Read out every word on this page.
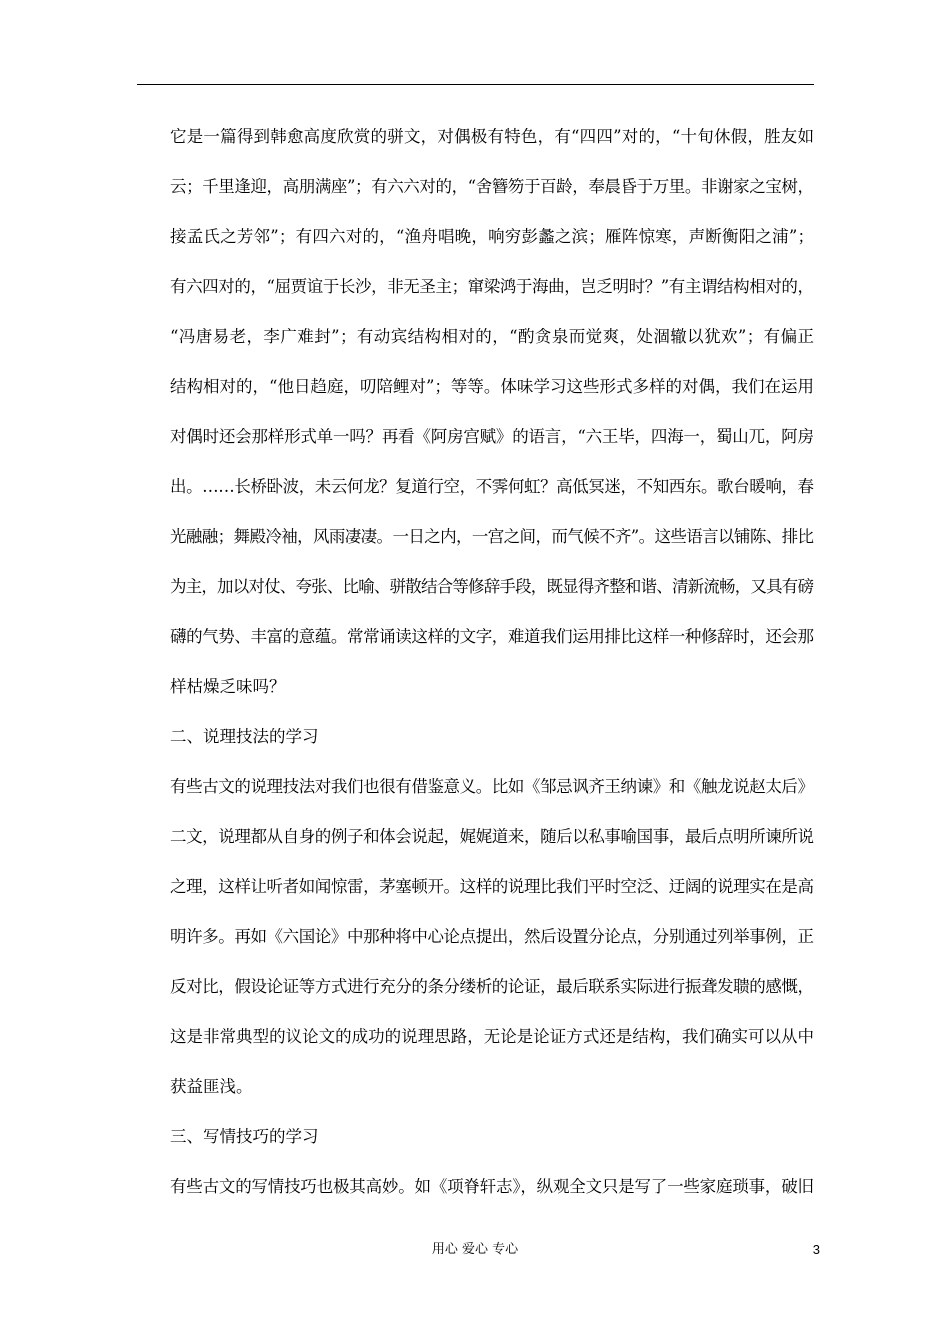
它是一篇得到韩愈高度欣赏的骈文，对偶极有特色，有“四四”对的，“十旬休假，胜友如
云；千里逢迎，高朋满座”；有六六对的，“舍簪笏于百龄，奉晨昏于万里。非谢家之宝树，
接孟氏之芳邻”；有四六对的，“渔舟唱晚，响穷彭蠡之滨；雁阵惊寒，声断衡阳之浦”；
有六四对的，“屈贾谊于长沙，非无圣主；窜梁鸿于海曲，岂乏明时？”有主谓结构相对的，
“冯唐易老，李广难封”；有动宾结构相对的，“酌贪泉而觉爽，处涸辙以犹欢”；有偏正
结构相对的，“他日趋庭，叨陪鲤对”；等等。体味学习这些形式多样的对偶，我们在运用
对偶时还会那样形式单一吗？再看《阿房宫赋》的语言，“六王毕，四海一，蜀山兀，阿房
出。……长桥卧波，未云何龙？复道行空，不霁何虹？高低冥迷，不知西东。歌台暖响，春
光融融；舞殿冷袖，风雨凄凄。一日之内，一宫之间，而气候不齐”。这些语言以铺陈、排比
为主，加以对仗、夸张、比喻、骈散结合等修辞手段，既显得齐整和谐、清新流畅，又具有磅
礴的气势、丰富的意蕴。常常诵读这样的文字，难道我们运用排比这样一种修辞时，还会那
样枯燥乏味吗？
二、说理技法的学习
有些古文的说理技法对我们也很有借鉴意义。比如《邹忌讽齐王纳谏》和《触龙说赵太后》
二文，说理都从自身的例子和体会说起，娓娓道来，随后以私事喻国事，最后点明所谏所说
之理，这样让听者如闻惊雷，茅塞顿开。这样的说理比我们平时空泛、迂阔的说理实在是高
明许多。再如《六国论》中那种将中心论点提出，然后设置分论点，分别通过列举事例，正
反对比，假设论证等方式进行充分的条分缕析的论证，最后联系实际进行振聋发聩的感慨，
这是非常典型的议论文的成功的说理思路，无论是论证方式还是结构，我们确实可以从中
获益匪浅。
三、写情技巧的学习
有些古文的写情技巧也极其高妙。如《项脊轩志》，纵观全文只是写了一些家庭琐事，破旧
用心 爱心 专心	3
